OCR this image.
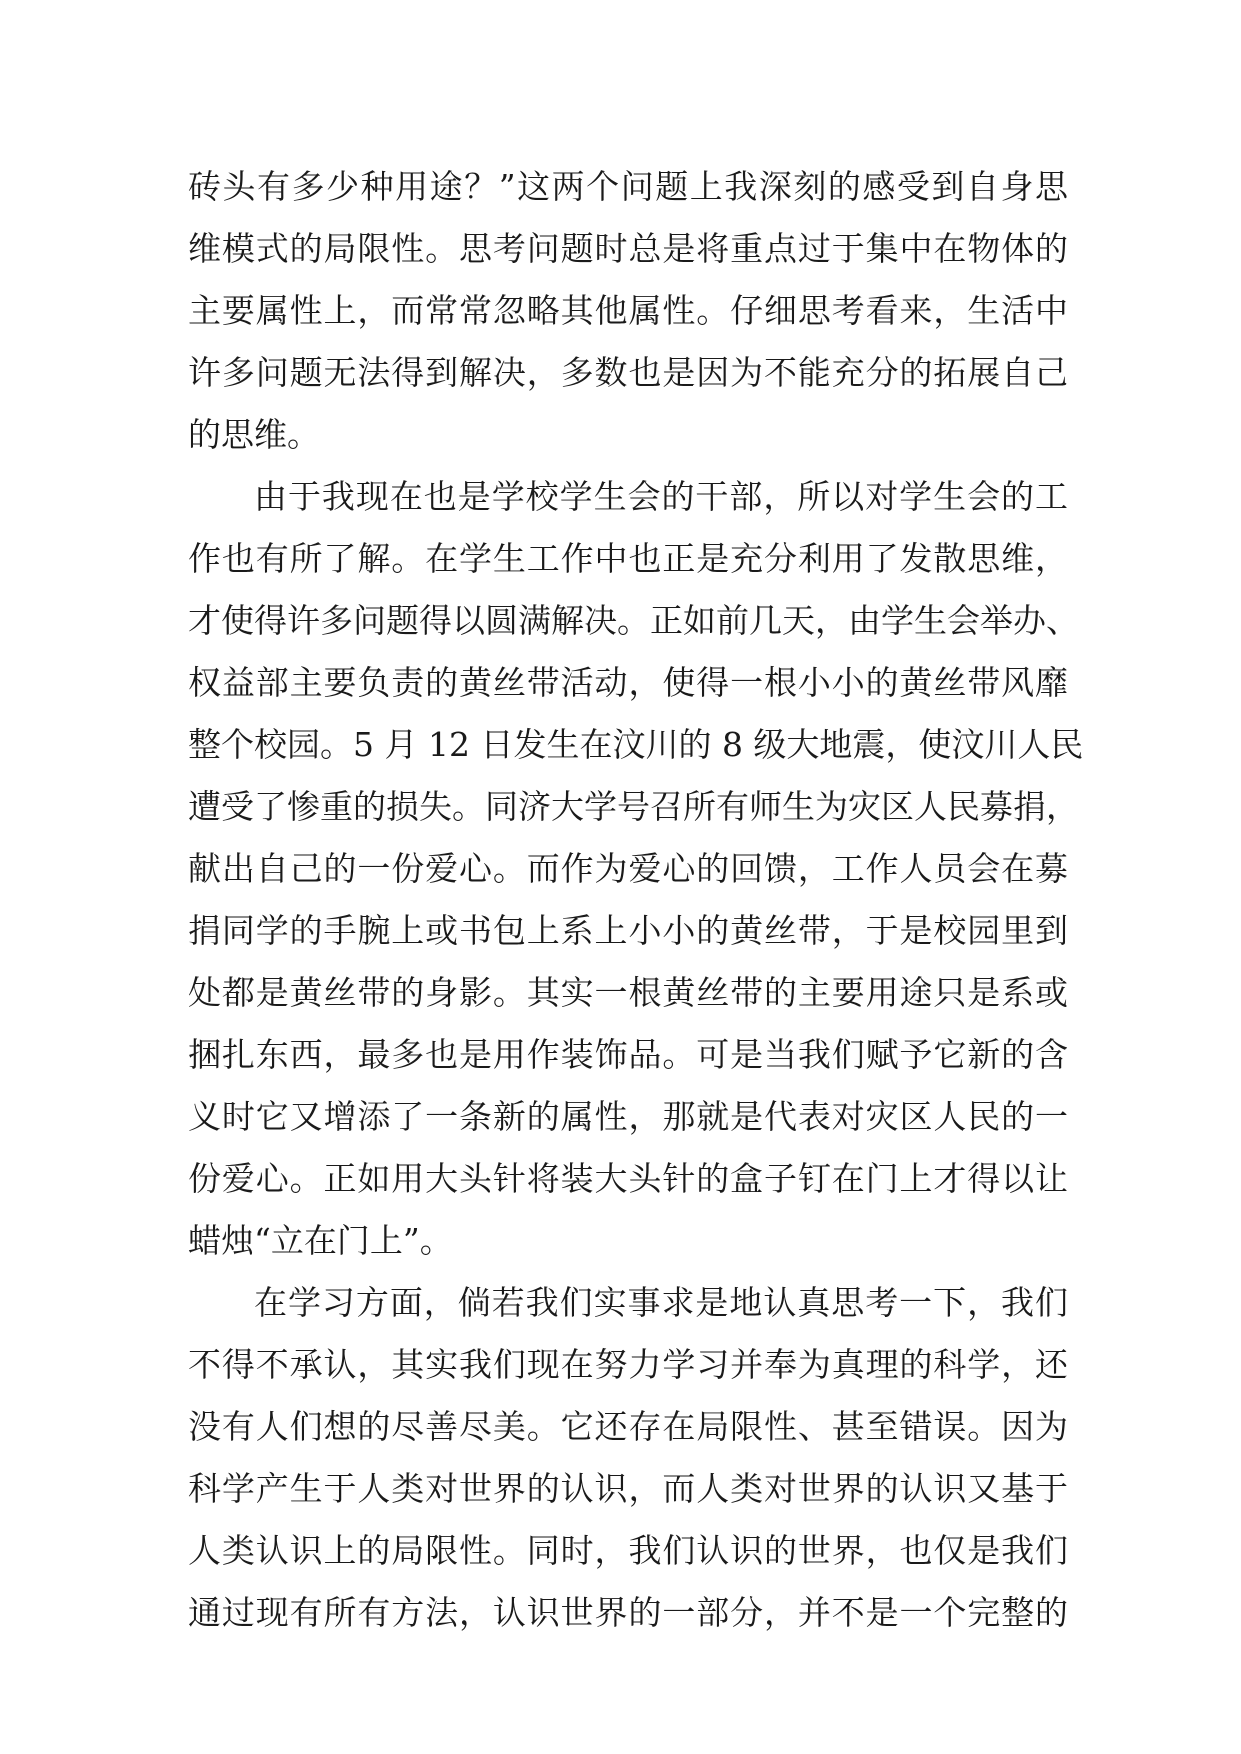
砖头有多少种用途？”这两个问题上我深刻的感受到自身思
维模式的局限性。思考问题时总是将重点过于集中在物体的
主要属性上，而常常忽略其他属性。仔细思考看来，生活中
许多问题无法得到解决，多数也是因为不能充分的拓展自己
的思维。
由于我现在也是学校学生会的干部，所以对学生会的工
作也有所了解。在学生工作中也正是充分利用了发散思维，
才使得许多问题得以圆满解决。正如前几天，由学生会举办、
权益部主要负责的黄丝带活动，使得一根小小的黄丝带风靡
整个校园。5 月 12 日发生在汶川的 8 级大地震，使汶川人民
遭受了惨重的损失。同济大学号召所有师生为灾区人民募捐，
献出自己的一份爱心。而作为爱心的回馈，工作人员会在募
捐同学的手腕上或书包上系上小小的黄丝带，于是校园里到
处都是黄丝带的身影。其实一根黄丝带的主要用途只是系或
捆扎东西，最多也是用作装饰品。可是当我们赋予它新的含
义时它又增添了一条新的属性，那就是代表对灾区人民的一
份爱心。正如用大头针将装大头针的盒子钉在门上才得以让
蜡烛“立在门上”。
在学习方面，倘若我们实事求是地认真思考一下，我们
不得不承认，其实我们现在努力学习并奉为真理的科学，还
没有人们想的尽善尽美。它还存在局限性、甚至错误。因为
科学产生于人类对世界的认识，而人类对世界的认识又基于
人类认识上的局限性。同时，我们认识的世界，也仅是我们
通过现有所有方法，认识世界的一部分，并不是一个完整的
